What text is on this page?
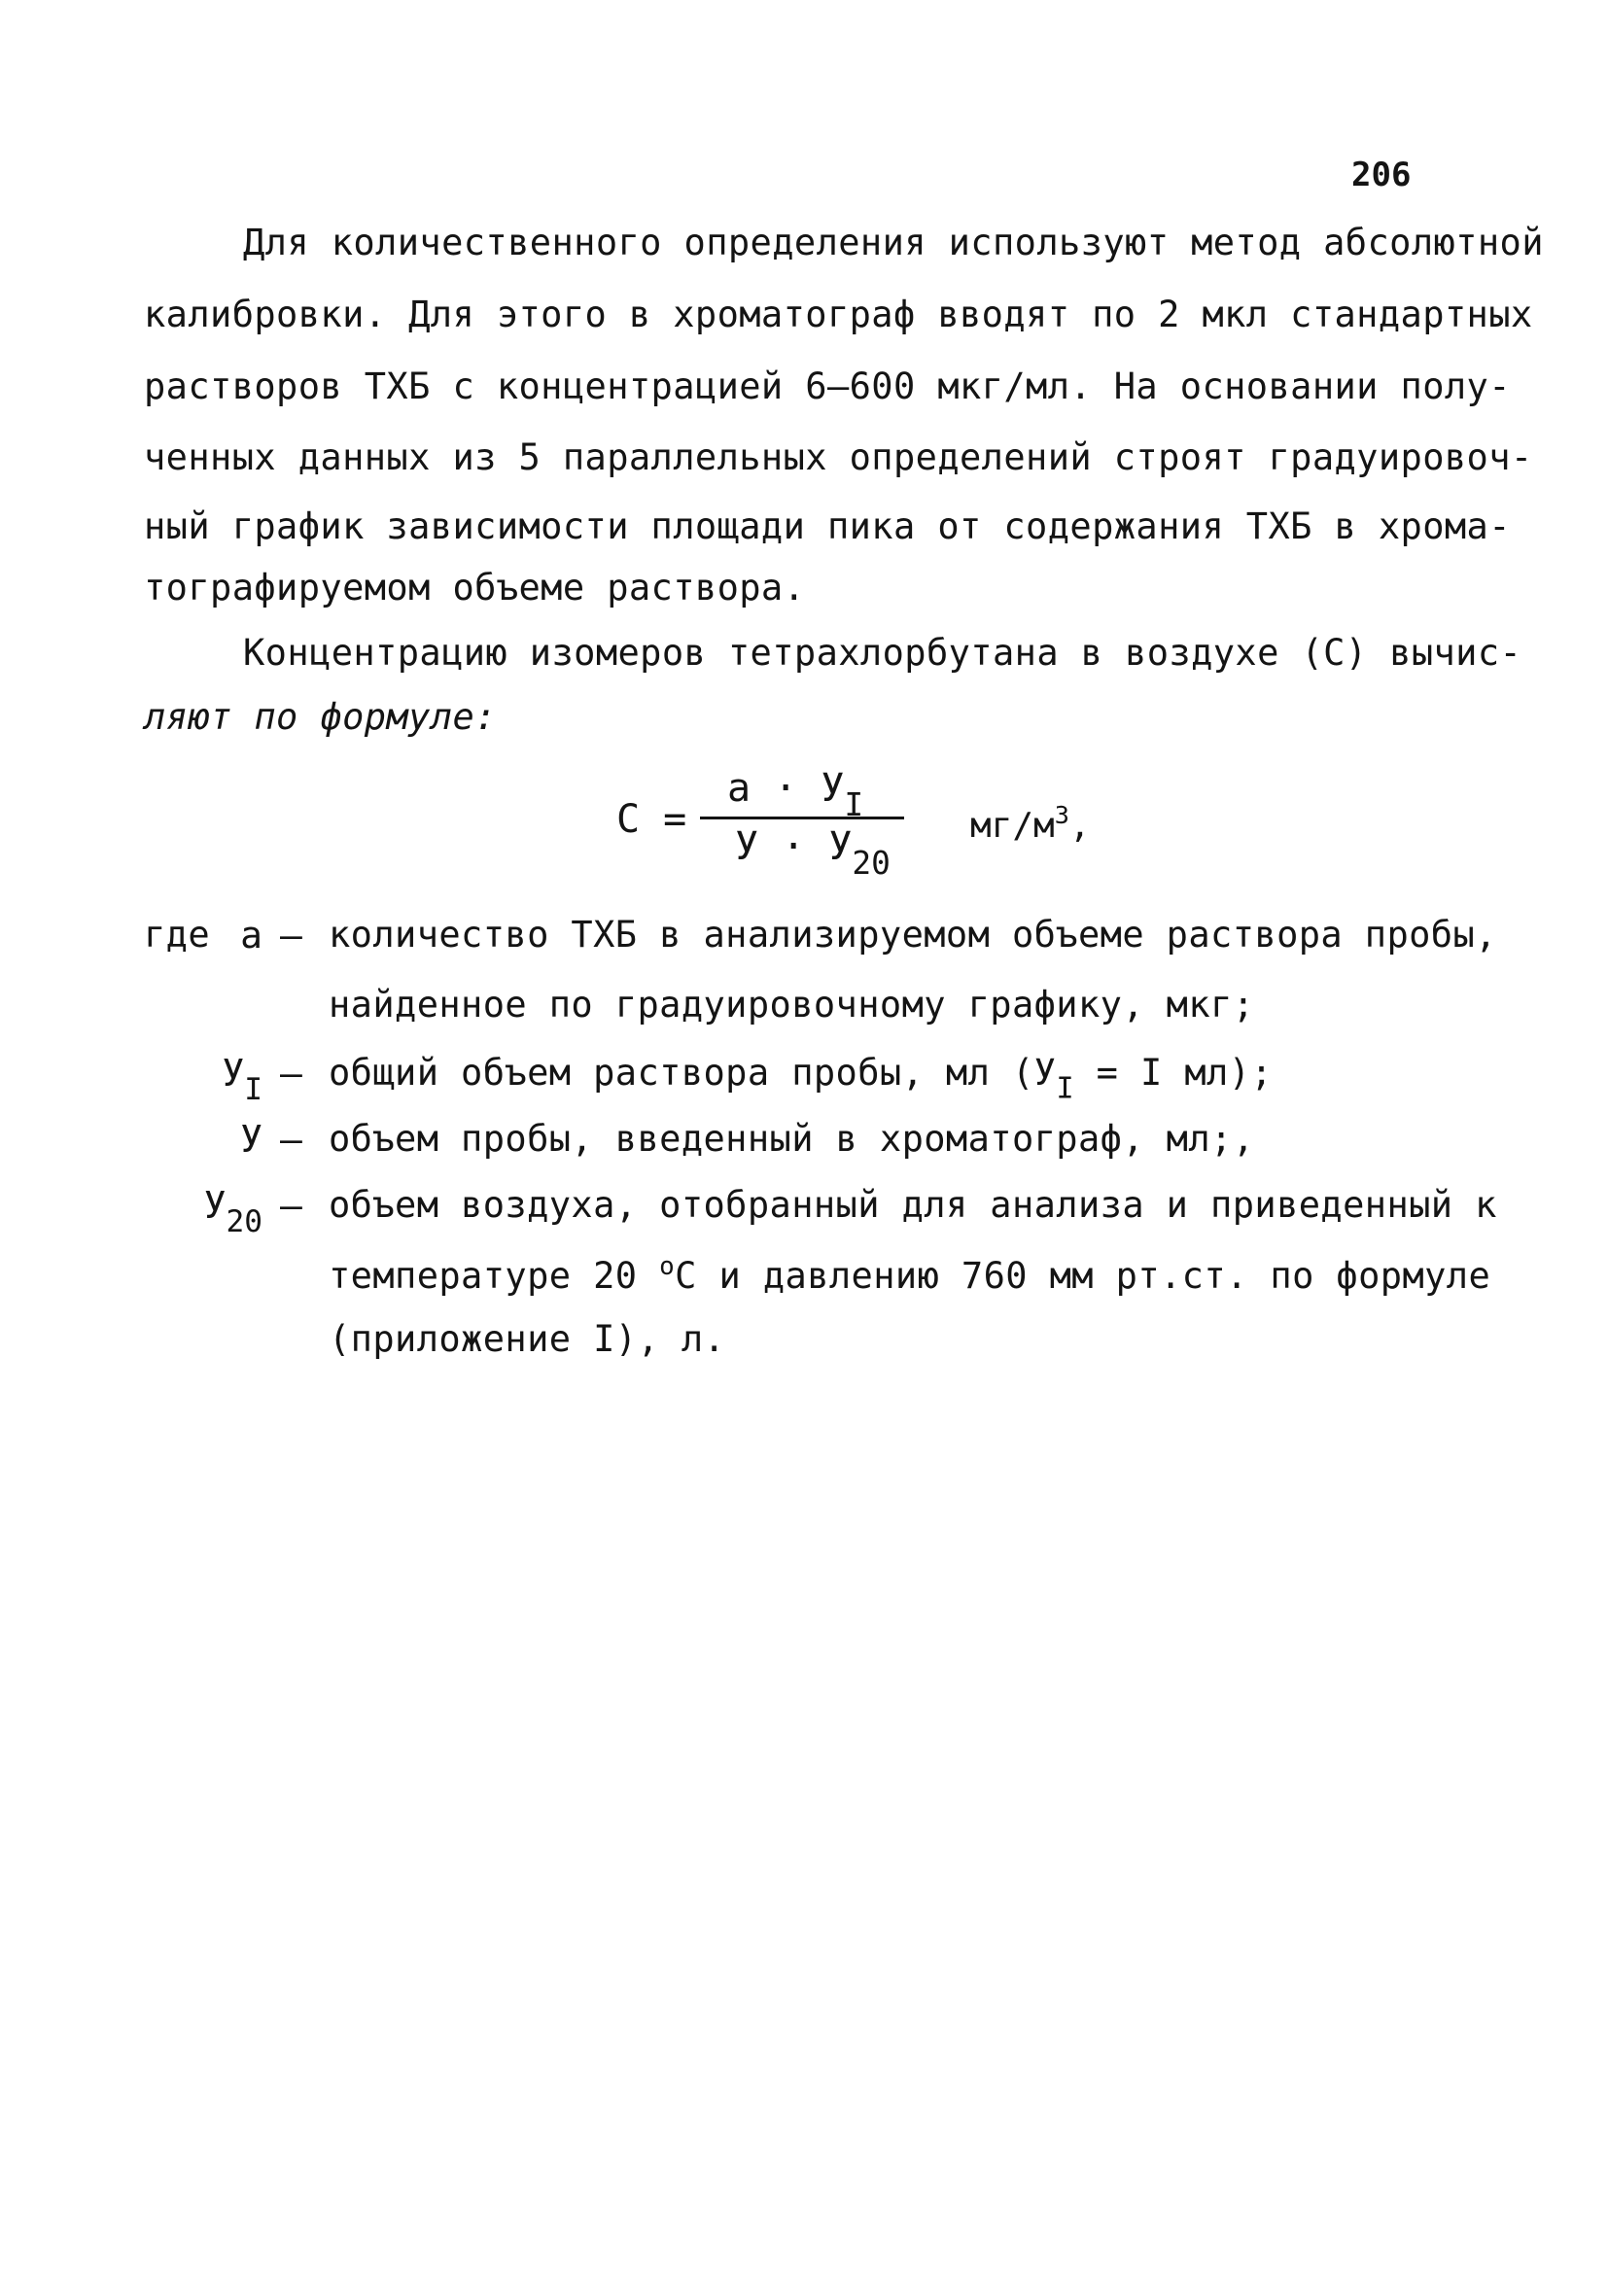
206
Для количественного определения используют метод абсолютной
калибровки. Для этого в хроматограф вводят по 2 мкл стандартных
растворов ТХБ с концентрацией 6–600 мкг/мл. На основании полу-
ченных данных из 5 параллельных определений строят градуировоч-
ный график зависимости площади пика от содержания ТХБ в хрома-
тографируемом объеме раствора.
Концентрацию изомеров тетрахлорбутана в воздухе (С) вычис-
ляют по формуле:
С =
$а \cdot У_I$
$У \cdot У_{20}$
$мг/м^3$,
где а – количество ТХБ в анализируемом объеме раствора пробы,
найденное по градуировочному графику, мкг;
$У_I$ – общий объем раствора пробы, мл ($У_I = I$ мл);
У – объем пробы, введенный в хроматограф, мл;,
$У_{20}$ – объем воздуха, отобранный для анализа и приведенный к
температуре 20 $^о$С и давлению 760 мм рт.ст. по формуле
(приложение I), л.
